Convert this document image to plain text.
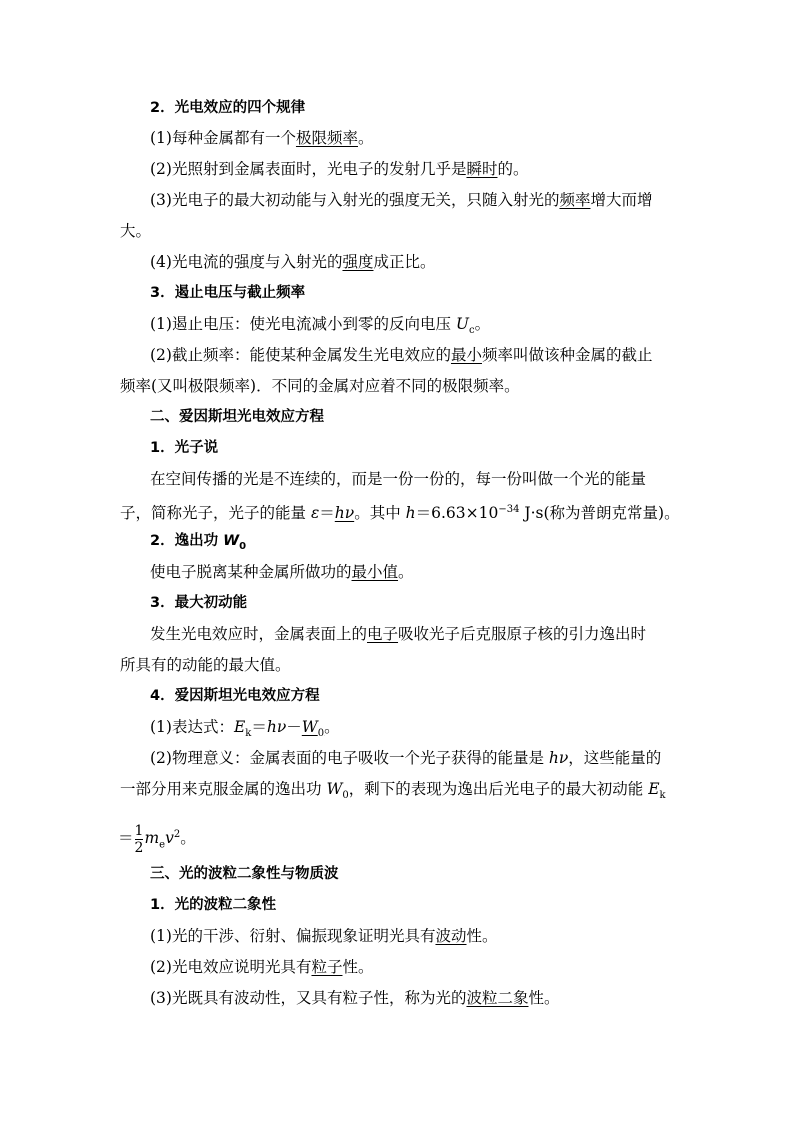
2．光电效应的四个规律
(1)每种金属都有一个极限频率。
(2)光照射到金属表面时，光电子的发射几乎是瞬时的。
(3)光电子的最大初动能与入射光的强度无关，只随入射光的频率增大而增
大。
(4)光电流的强度与入射光的强度成正比。
3．遏止电压与截止频率
(1)遏止电压：使光电流减小到零的反向电压 $U_c$。
(2)截止频率：能使某种金属发生光电效应的最小频率叫做该种金属的截止
频率(又叫极限频率)．不同的金属对应着不同的极限频率。
二、爱因斯坦光电效应方程
1．光子说
在空间传播的光是不连续的，而是一份一份的，每一份叫做一个光的能量
子，简称光子，光子的能量 ε＝hν。其中 $h=6.63\times 10^{-34}$ J·s(称为普朗克常量)。
2．逸出功 $W_0$
使电子脱离某种金属所做功的最小值。
3．最大初动能
发生光电效应时，金属表面上的电子吸收光子后克服原子核的引力逸出时
所具有的动能的最大值。
4．爱因斯坦光电效应方程
(1)表达式：$E_k=h\nu-W_0$。
(2)物理意义：金属表面的电子吸收一个光子获得的能量是 hν，这些能量的
一部分用来克服金属的逸出功 $W_0$，剩下的表现为逸出后光电子的最大初动能 $E_k$
＝ $\frac{1}{2} m_ev^2$。
三、光的波粒二象性与物质波
1．光的波粒二象性
(1)光的干涉、衍射、偏振现象证明光具有波动性。
(2)光电效应说明光具有粒子性。
(3)光既具有波动性，又具有粒子性，称为光的波粒二象性。
